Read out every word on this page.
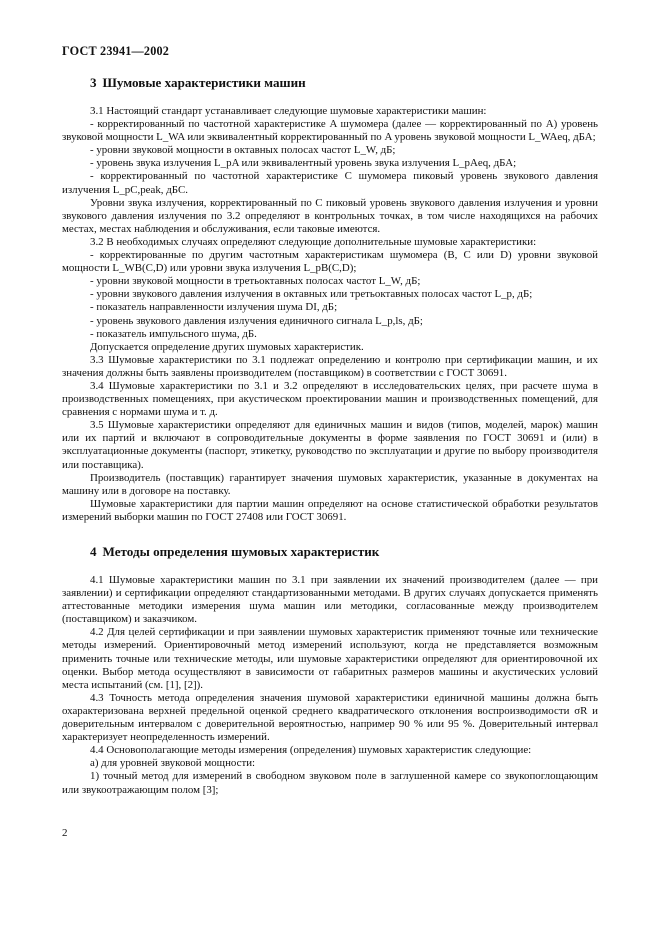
ГОСТ 23941—2002
3 Шумовые характеристики машин

3.1 Настоящий стандарт устанавливает следующие шумовые характеристики машин:

- корректированный по частотной характеристике A шумомера (далее — корректированный по A) уровень звуковой мощности L_WA или эквивалентный корректированный по A уровень звуковой мощности L_WAeq, дБА;

- уровни звуковой мощности в октавных полосах частот L_W, дБ;

- уровень звука излучения L_pA или эквивалентный уровень звука излучения L_pAeq, дБА;

- корректированный по частотной характеристике C шумомера пиковый уровень звукового давления излучения L_pC,peak, дБС.

Уровни звука излучения, корректированный по C пиковый уровень звукового давления излучения и уровни звукового давления излучения по 3.2 определяют в контрольных точках, в том числе находящихся на рабочих местах, местах наблюдения и обслуживания, если таковые имеются.

3.2 В необходимых случаях определяют следующие дополнительные шумовые характеристики:

- корректированные по другим частотным характеристикам шумомера (B, C или D) уровни звуковой мощности L_WB(C,D) или уровни звука излучения L_pB(C,D);

- уровни звуковой мощности в третьоктавных полосах частот L_W, дБ;

- уровни звукового давления излучения в октавных или третьоктавных полосах частот L_p, дБ;

- показатель направленности излучения шума DI, дБ;

- уровень звукового давления излучения единичного сигнала L_p,ls, дБ;

- показатель импульсного шума, дБ.

Допускается определение других шумовых характеристик.

3.3 Шумовые характеристики по 3.1 подлежат определению и контролю при сертификации машин, и их значения должны быть заявлены производителем (поставщиком) в соответствии с ГОСТ 30691.

3.4 Шумовые характеристики по 3.1 и 3.2 определяют в исследовательских целях, при расчете шума в производственных помещениях, при акустическом проектировании машин и производственных помещений, для сравнения с нормами шума и т. д.

3.5 Шумовые характеристики определяют для единичных машин и видов (типов, моделей, марок) машин или их партий и включают в сопроводительные документы в форме заявления по ГОСТ 30691 и (или) в эксплуатационные документы (паспорт, этикетку, руководство по эксплуатации и другие по выбору производителя или поставщика).

Производитель (поставщик) гарантирует значения шумовых характеристик, указанные в документах на машину или в договоре на поставку.

Шумовые характеристики для партии машин определяют на основе статистической обработки результатов измерений выборки машин по ГОСТ 27408 или ГОСТ 30691.

4 Методы определения шумовых характеристик

4.1 Шумовые характеристики машин по 3.1 при заявлении их значений производителем (далее — при заявлении) и сертификации определяют стандартизованными методами. В других случаях допускается применять аттестованные методики измерения шума машин или методики, согласованные между производителем (поставщиком) и заказчиком.

4.2 Для целей сертификации и при заявлении шумовых характеристик применяют точные или технические методы измерений. Ориентировочный метод измерений используют, когда не представляется возможным применить точные или технические методы, или шумовые характеристики определяют для ориентировочной их оценки. Выбор метода осуществляют в зависимости от габаритных размеров машины и акустических условий места испытаний (см. [1], [2]).

4.3 Точность метода определения значения шумовой характеристики единичной машины должна быть охарактеризована верхней предельной оценкой среднего квадратического отклонения воспроизводимости σR и доверительным интервалом с доверительной вероятностью, например 90 % или 95 %. Доверительный интервал характеризует неопределенность измерений.

4.4 Основополагающие методы измерения (определения) шумовых характеристик следующие:

а) для уровней звуковой мощности:

1) точный метод для измерений в свободном звуковом поле в заглушенной камере со звукопоглощающим или звукоотражающим полом [3];

2
